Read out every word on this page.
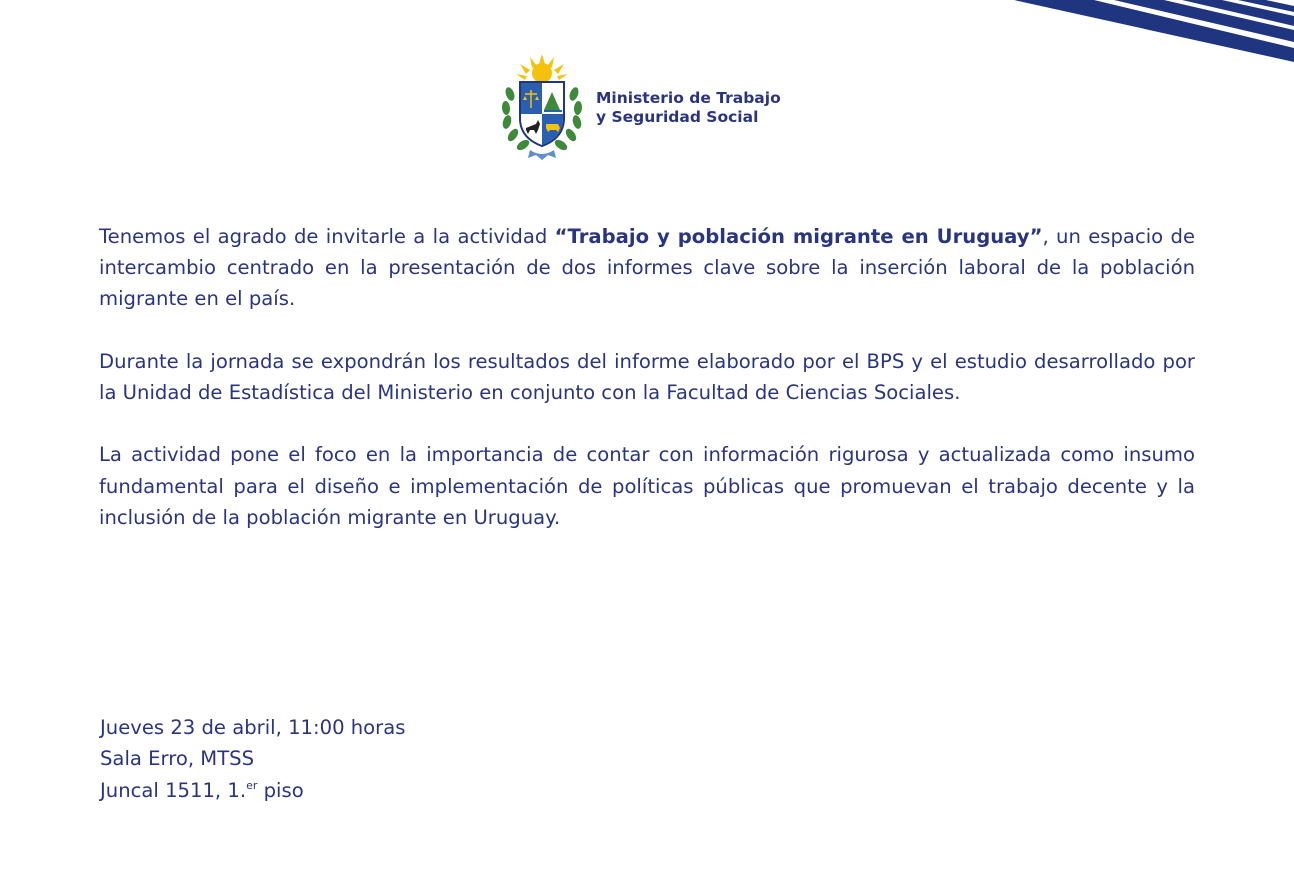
Ministerio de Trabajo
y Seguridad Social

Tenemos el agrado de invitarle a la actividad “Trabajo y población migrante en Uruguay”, un espacio de intercambio centrado en la presentación de dos informes clave sobre la inserción laboral de la población migrante en el país.

Durante la jornada se expondrán los resultados del informe elaborado por el BPS y el estudio desarrollado por la Unidad de Estadística del Ministerio en conjunto con la Facultad de Ciencias Sociales.

La actividad pone el foco en la importancia de contar con información rigurosa y actualizada como insumo fundamental para el diseño e implementación de políticas públicas que promuevan el trabajo decente y la inclusión de la población migrante en Uruguay.

Jueves 23 de abril, 11:00 horas
Sala Erro, MTSS
Juncal 1511, 1.$^{er}$ piso
